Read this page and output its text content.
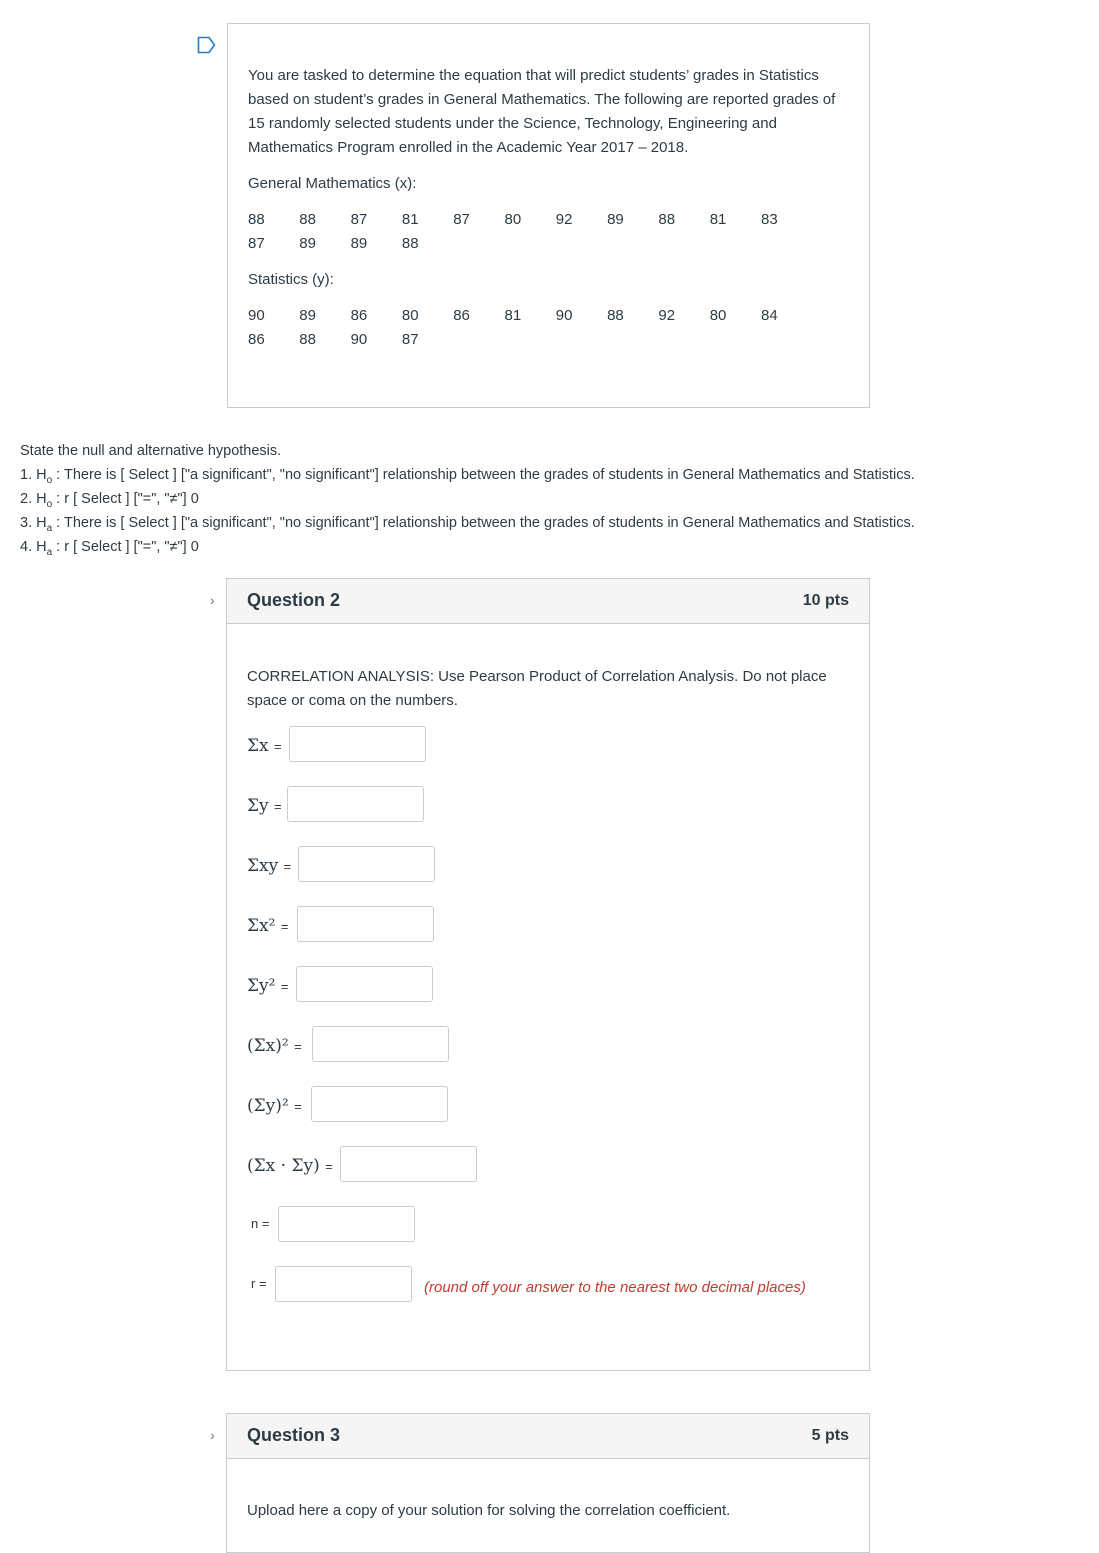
You are tasked to determine the equation that will predict students’ grades in Statistics based on student’s grades in General Mathematics. The following are reported grades of 15 randomly selected students under the Science, Technology, Engineering and Mathematics Program enrolled in the Academic Year 2017 – 2018.
General Mathematics (x):
88	88	87	81	87	80	92	89	88	81	83
87	89	89	88
Statistics (y):
90	89	86	80	86	81	90	88	92	80	84
86	88	90	87
State the null and alternative hypothesis.
1. $H_o$ : There is [ Select ] ["a significant", "no significant"] relationship between the grades of students in General Mathematics and Statistics.
2. $H_o$ : r [ Select ] ["=", "≠"] 0
3. $H_a$ : There is [ Select ] ["a significant", "no significant"] relationship between the grades of students in General Mathematics and Statistics.
4. $H_a$ : r [ Select ] ["=", "≠"] 0
› Question 2	10 pts
CORRELATION ANALYSIS: Use Pearson Product of Correlation Analysis. Do not place space or coma on the numbers.
Σx =
Σy =
Σxy =
Σx² =
Σy² =
(Σx)² =
(Σy)² =
(Σx · Σy) =
n =
r =	(round off your answer to the nearest two decimal places)
› Question 3	5 pts
Upload here a copy of your solution for solving the correlation coefficient.
